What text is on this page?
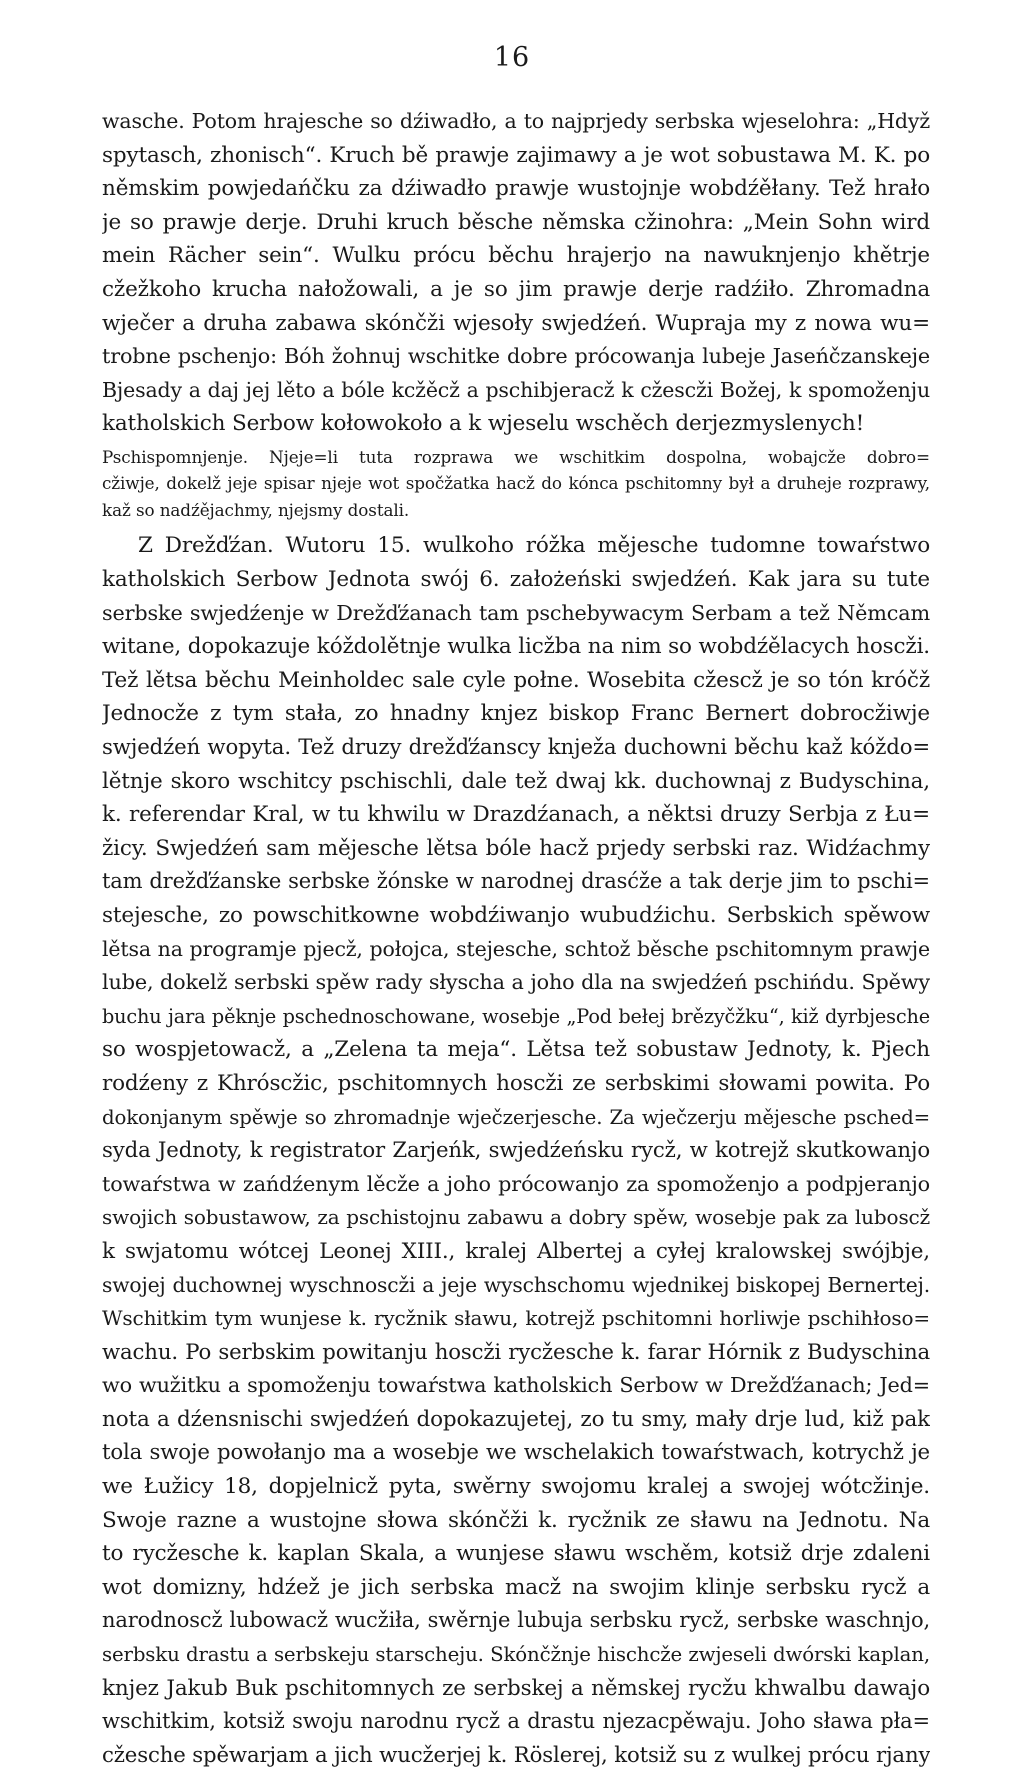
16
wasche. Potom hrajesche so dźiwadło, a to najprjedy serbska wjeselohra: „Hdyž
spytasch, zhonisch“. Kruch bě prawje zajimawy a je wot sobustawa M. K. po
němskim powjedańčku za dźiwadło prawje wustojnje wobdźěłany. Tež hrało
je so prawje derje. Druhi kruch běsche němska cžinohra: „Mein Sohn wird
mein Rächer sein“. Wulku prócu běchu hrajerjo na nawuknjenjo khětrje
cžežkoho krucha nałožowali, a je so jim prawje derje radźiło. Zhromadna
wječer a druha zabawa skónčži wjesoły swjedźeń. Wupraja my z nowa wu=
trobne pschenjo: Bóh žohnuj wschitke dobre prócowanja lubeje Jaseńčzanskeje
Bjesady a daj jej lěto a bóle kcžěcž a pschibjeracž k cžescži Božej, k spomoženju
katholskich Serbow kołowokoło a k wjeselu wschěch derjezmyslenych!
Pschispomnjenje. Njeje=li tuta rozprawa we wschitkim dospolna, wobajcže dobro=
cžiwje, dokelž jeje spisar njeje wot spočžatka hacž do kónca pschitomny był a druheje rozprawy,
kaž so nadźějachmy, njejsmy dostali.
Z Drežďźan. Wutoru 15. wulkoho róžka mějesche tudomne towaŕstwo
katholskich Serbow Jednota swój 6. założeński swjedźeń. Kak jara su tute
serbske swjedźenje w Drežďźanach tam pschebywacym Serbam a tež Němcam
witane, dopokazuje kóždolětnje wulka licžba na nim so wobdźělacych hoscži.
Tež lětsa běchu Meinholdec sale cyle połne. Wosebita cžescž je so tón króčž
Jednocže z tym stała, zo hnadny knjez biskop Franc Bernert dobrocžiwje
swjedźeń wopyta. Tež druzy drežďźanscy knježa duchowni běchu kaž kóždo=
lětnje skoro wschitcy pschischli, dale tež dwaj kk. duchownaj z Budyschina,
k. referendar Kral, w tu khwilu w Drazdźanach, a něktsi druzy Serbja z Łu=
žicy. Swjedźeń sam mějesche lětsa bóle hacž prjedy serbski raz. Widźachmy
tam drežďźanske serbske žónske w narodnej drasćže a tak derje jim to pschi=
stejesche, zo powschitkowne wobdźiwanjo wubudźichu. Serbskich spěwow
lětsa na programje pjecž, połojca, stejesche, schtož běsche pschitomnym prawje
lube, dokelž serbski spěw rady słyscha a joho dla na swjedźeń pschińdu. Spěwy
buchu jara pěknje pschednoschowane, wosebje „Pod bełej brězyčžku“, kiž dyrbjesche
so wospjetowacž, a „Zelena ta meja“. Lětsa tež sobustaw Jednoty, k. Pjech
rodźeny z Khróscžic, pschitomnych hoscži ze serbskimi słowami powita. Po
dokonjanym spěwje so zhromadnje wječzerjesche. Za wječzerju mějesche psched=
syda Jednoty, k registrator Zarjeńk, swjedźeńsku rycž, w kotrejž skutkowanjo
towaŕstwa w zańdźenym lěcže a joho prócowanjo za spomoženjo a podpjeranjo
swojich sobustawow, za pschistojnu zabawu a dobry spěw, wosebje pak za luboscž
k swjatomu wótcej Leonej XIII., kralej Albertej a cyłej kralowskej swójbje,
swojej duchownej wyschnoscži a jeje wyschschomu wjednikej biskopej Bernertej.
Wschitkim tym wunjese k. rycžnik sławu, kotrejž pschitomni horliwje pschihłoso=
wachu. Po serbskim powitanju hoscži rycžesche k. farar Hórnik z Budyschina
wo wužitku a spomoženju towaŕstwa katholskich Serbow w Drežďźanach; Jed=
nota a dźensnischi swjedźeń dopokazujetej, zo tu smy, mały drje lud, kiž pak
tola swoje powołanjo ma a wosebje we wschelakich towaŕstwach, kotrychž je
we Łužicy 18, dopjelnicž pyta, swěrny swojomu kralej a swojej wótcžinje.
Swoje razne a wustojne słowa skónčži k. rycžnik ze sławu na Jednotu. Na
to rycžesche k. kaplan Skala, a wunjese sławu wschěm, kotsiž drje zdaleni
wot domizny, hdźež je jich serbska macž na swojim klinje serbsku rycž a
narodnoscž lubowacž wucžiła, swěrnje lubuja serbsku rycž, serbske waschnjo,
serbsku drastu a serbskeju starscheju. Skónčžnje hischcže zwjeseli dwórski kaplan,
knjez Jakub Buk pschitomnych ze serbskej a němskej rycžu khwalbu dawajo
wschitkim, kotsiž swoju narodnu rycž a drastu njezacpěwaju. Joho sława pła=
cžesche spěwarjam a jich wucžerjej k. Röslerej, kotsiž su z wulkej prócu rjany
